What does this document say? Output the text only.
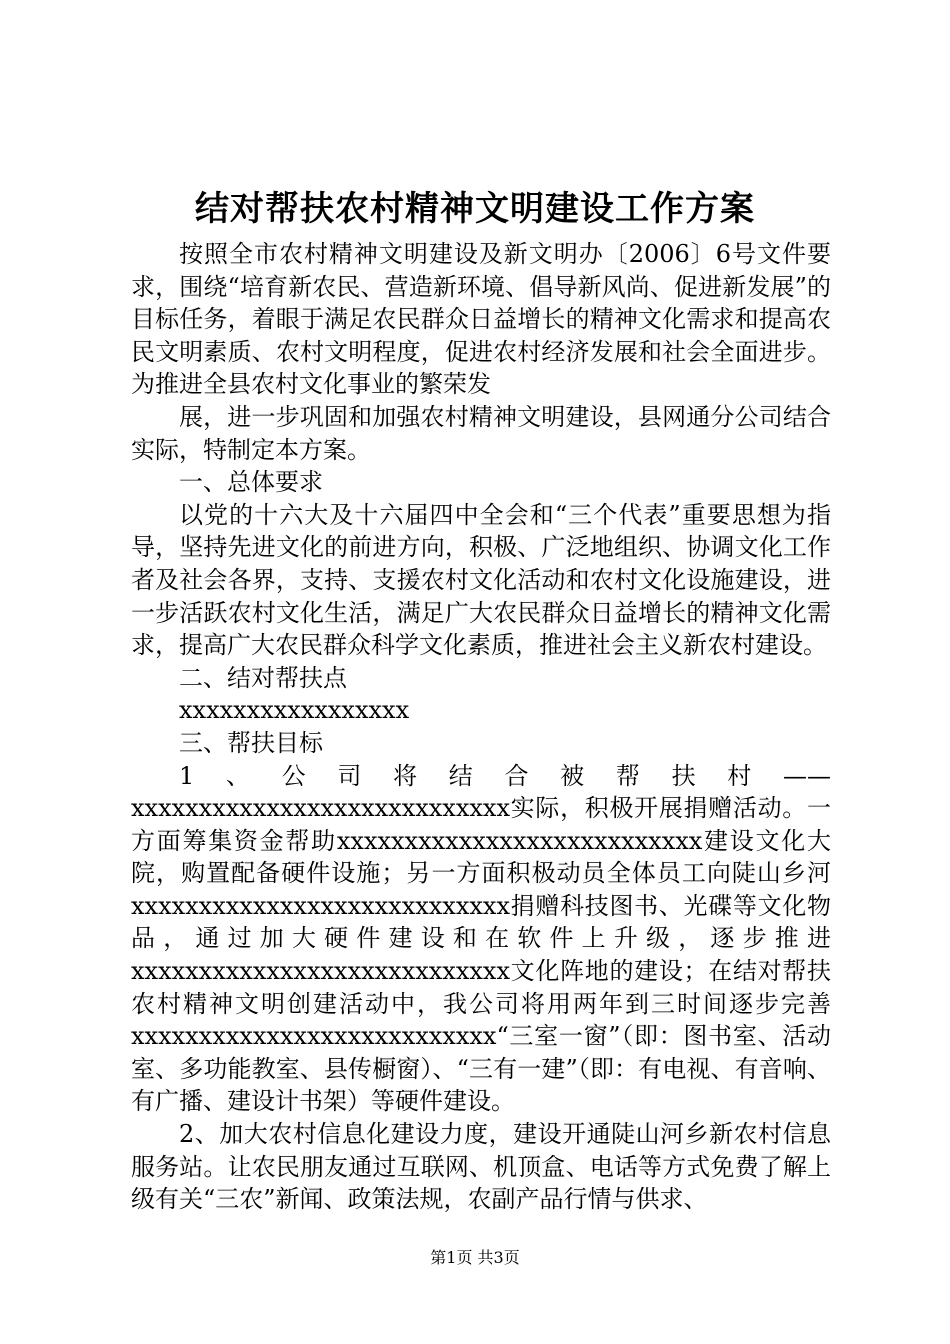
结对帮扶农村精神文明建设工作方案

按照全市农村精神文明建设及新文明办〔2006〕6号文件要求，围绕“培育新农民、营造新环境、倡导新风尚、促进新发展”的目标任务，着眼于满足农民群众日益增长的精神文化需求和提高农民文明素质、农村文明程度，促进农村经济发展和社会全面进步。为推进全县农村文化事业的繁荣发

展，进一步巩固和加强农村精神文明建设，县网通分公司结合实际，特制定本方案。

一、总体要求

以党的十六大及十六届四中全会和“三个代表”重要思想为指导，坚持先进文化的前进方向，积极、广泛地组织、协调文化工作者及社会各界，支持、支援农村文化活动和农村文化设施建设，进一步活跃农村文化生活，满足广大农民群众日益增长的精神文化需求，提高广大农民群众科学文化素质，推进社会主义新农村建设。

二、结对帮扶点

xxxxxxxxxxxxxxxxx

三、帮扶目标

1、公司将结合被帮扶村——xxxxxxxxxxxxxxxxxxxxxxxxxxxx实际，积极开展捐赠活动。一方面筹集资金帮助xxxxxxxxxxxxxxxxxxxxxxxxxxx建设文化大院，购置配备硬件设施；另一方面积极动员全体员工向陡山乡河xxxxxxxxxxxxxxxxxxxxxxxxxxxx捐赠科技图书、光碟等文化物品，通过加大硬件建设和在软件上升级，逐步推进xxxxxxxxxxxxxxxxxxxxxxxxxxxx文化阵地的建设；在结对帮扶农村精神文明创建活动中，我公司将用两年到三时间逐步完善xxxxxxxxxxxxxxxxxxxxxxxxxxx“三室一窗”（即：图书室、活动室、多功能教室、县传橱窗）、“三有一建”（即：有电视、有音响、有广播、建设计书架）等硬件建设。

2、加大农村信息化建设力度，建设开通陡山河乡新农村信息服务站。让农民朋友通过互联网、机顶盒、电话等方式免费了解上级有关“三农”新闻、政策法规，农副产品行情与供求、

第1页 共3页
